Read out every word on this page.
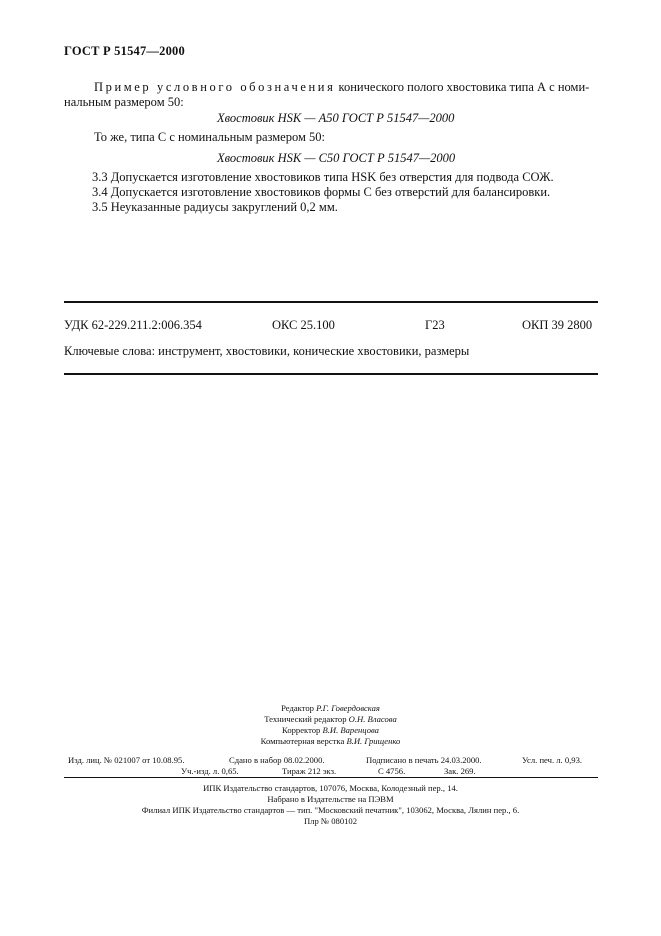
ГОСТ Р 51547—2000
Пример условного обозначения конического полого хвостовика типа А с номи-
нальным размером 50:
Хвостовик HSK — А50 ГОСТ Р 51547—2000
То же, типа С с номинальным размером 50:
Хвостовик HSK — С50 ГОСТ Р 51547—2000
3.3 Допускается изготовление хвостовиков типа HSK без отверстия для подвода СОЖ.
3.4 Допускается изготовление хвостовиков формы С без отверстий для балансировки.
3.5 Неуказанные радиусы закруглений 0,2 мм.
УДК 62-229.211.2:006.354	ОКС 25.100	Г23	ОКП 39 2800
Ключевые слова: инструмент, хвостовики, конические хвостовики, размеры
Редактор Р.Г. Говердовская
Технический редактор О.Н. Власова
Корректор В.И. Варенцова
Компьютерная верстка В.И. Грищенко
Изд. лиц. № 021007 от 10.08.95.	Сдано в набор 08.02.2000.	Подписано в печать 24.03.2000.	Усл. печ. л. 0,93.
Уч.-изд. л. 0,65.	Тираж 212 экз.	С 4756.	Зак. 269.
ИПК Издательство стандартов, 107076, Москва, Колодезный пер., 14.
Набрано в Издательстве на ПЭВМ
Филиал ИПК Издательство стандартов — тип. "Московский печатник", 103062, Москва, Лялин пер., 6.
Плр № 080102
